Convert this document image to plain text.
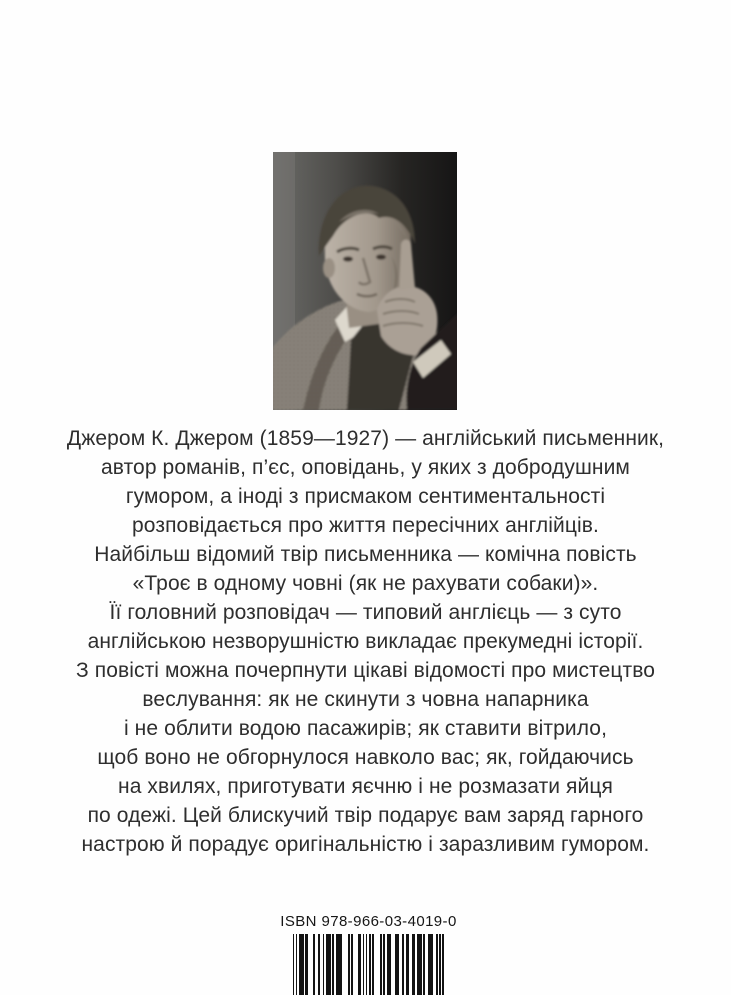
Джером К. Джером (1859—1927) — англійський письменник,
автор романів, п’єс, оповідань, у яких з добродушним
гумором, а іноді з присмаком сентиментальності
розповідається про життя пересічних англійців.
Найбільш відомий твір письменника — комічна повість
«Троє в одному човні (як не рахувати собаки)».
Її головний розповідач — типовий англієць — з суто
англійською незворушністю викладає прекумедні історії.
З повісті можна почерпнути цікаві відомості про мистецтво
веслування: як не скинути з човна напарника
і не облити водою пасажирів; як ставити вітрило,
щоб воно не обгорнулося навколо вас; як, гойдаючись
на хвилях, приготувати яєчню і не розмазати яйця
по одежі. Цей блискучий твір подарує вам заряд гарного
настрою й порадує оригінальністю і заразливим гумором.
ISBN 978-966-03-4019-0
